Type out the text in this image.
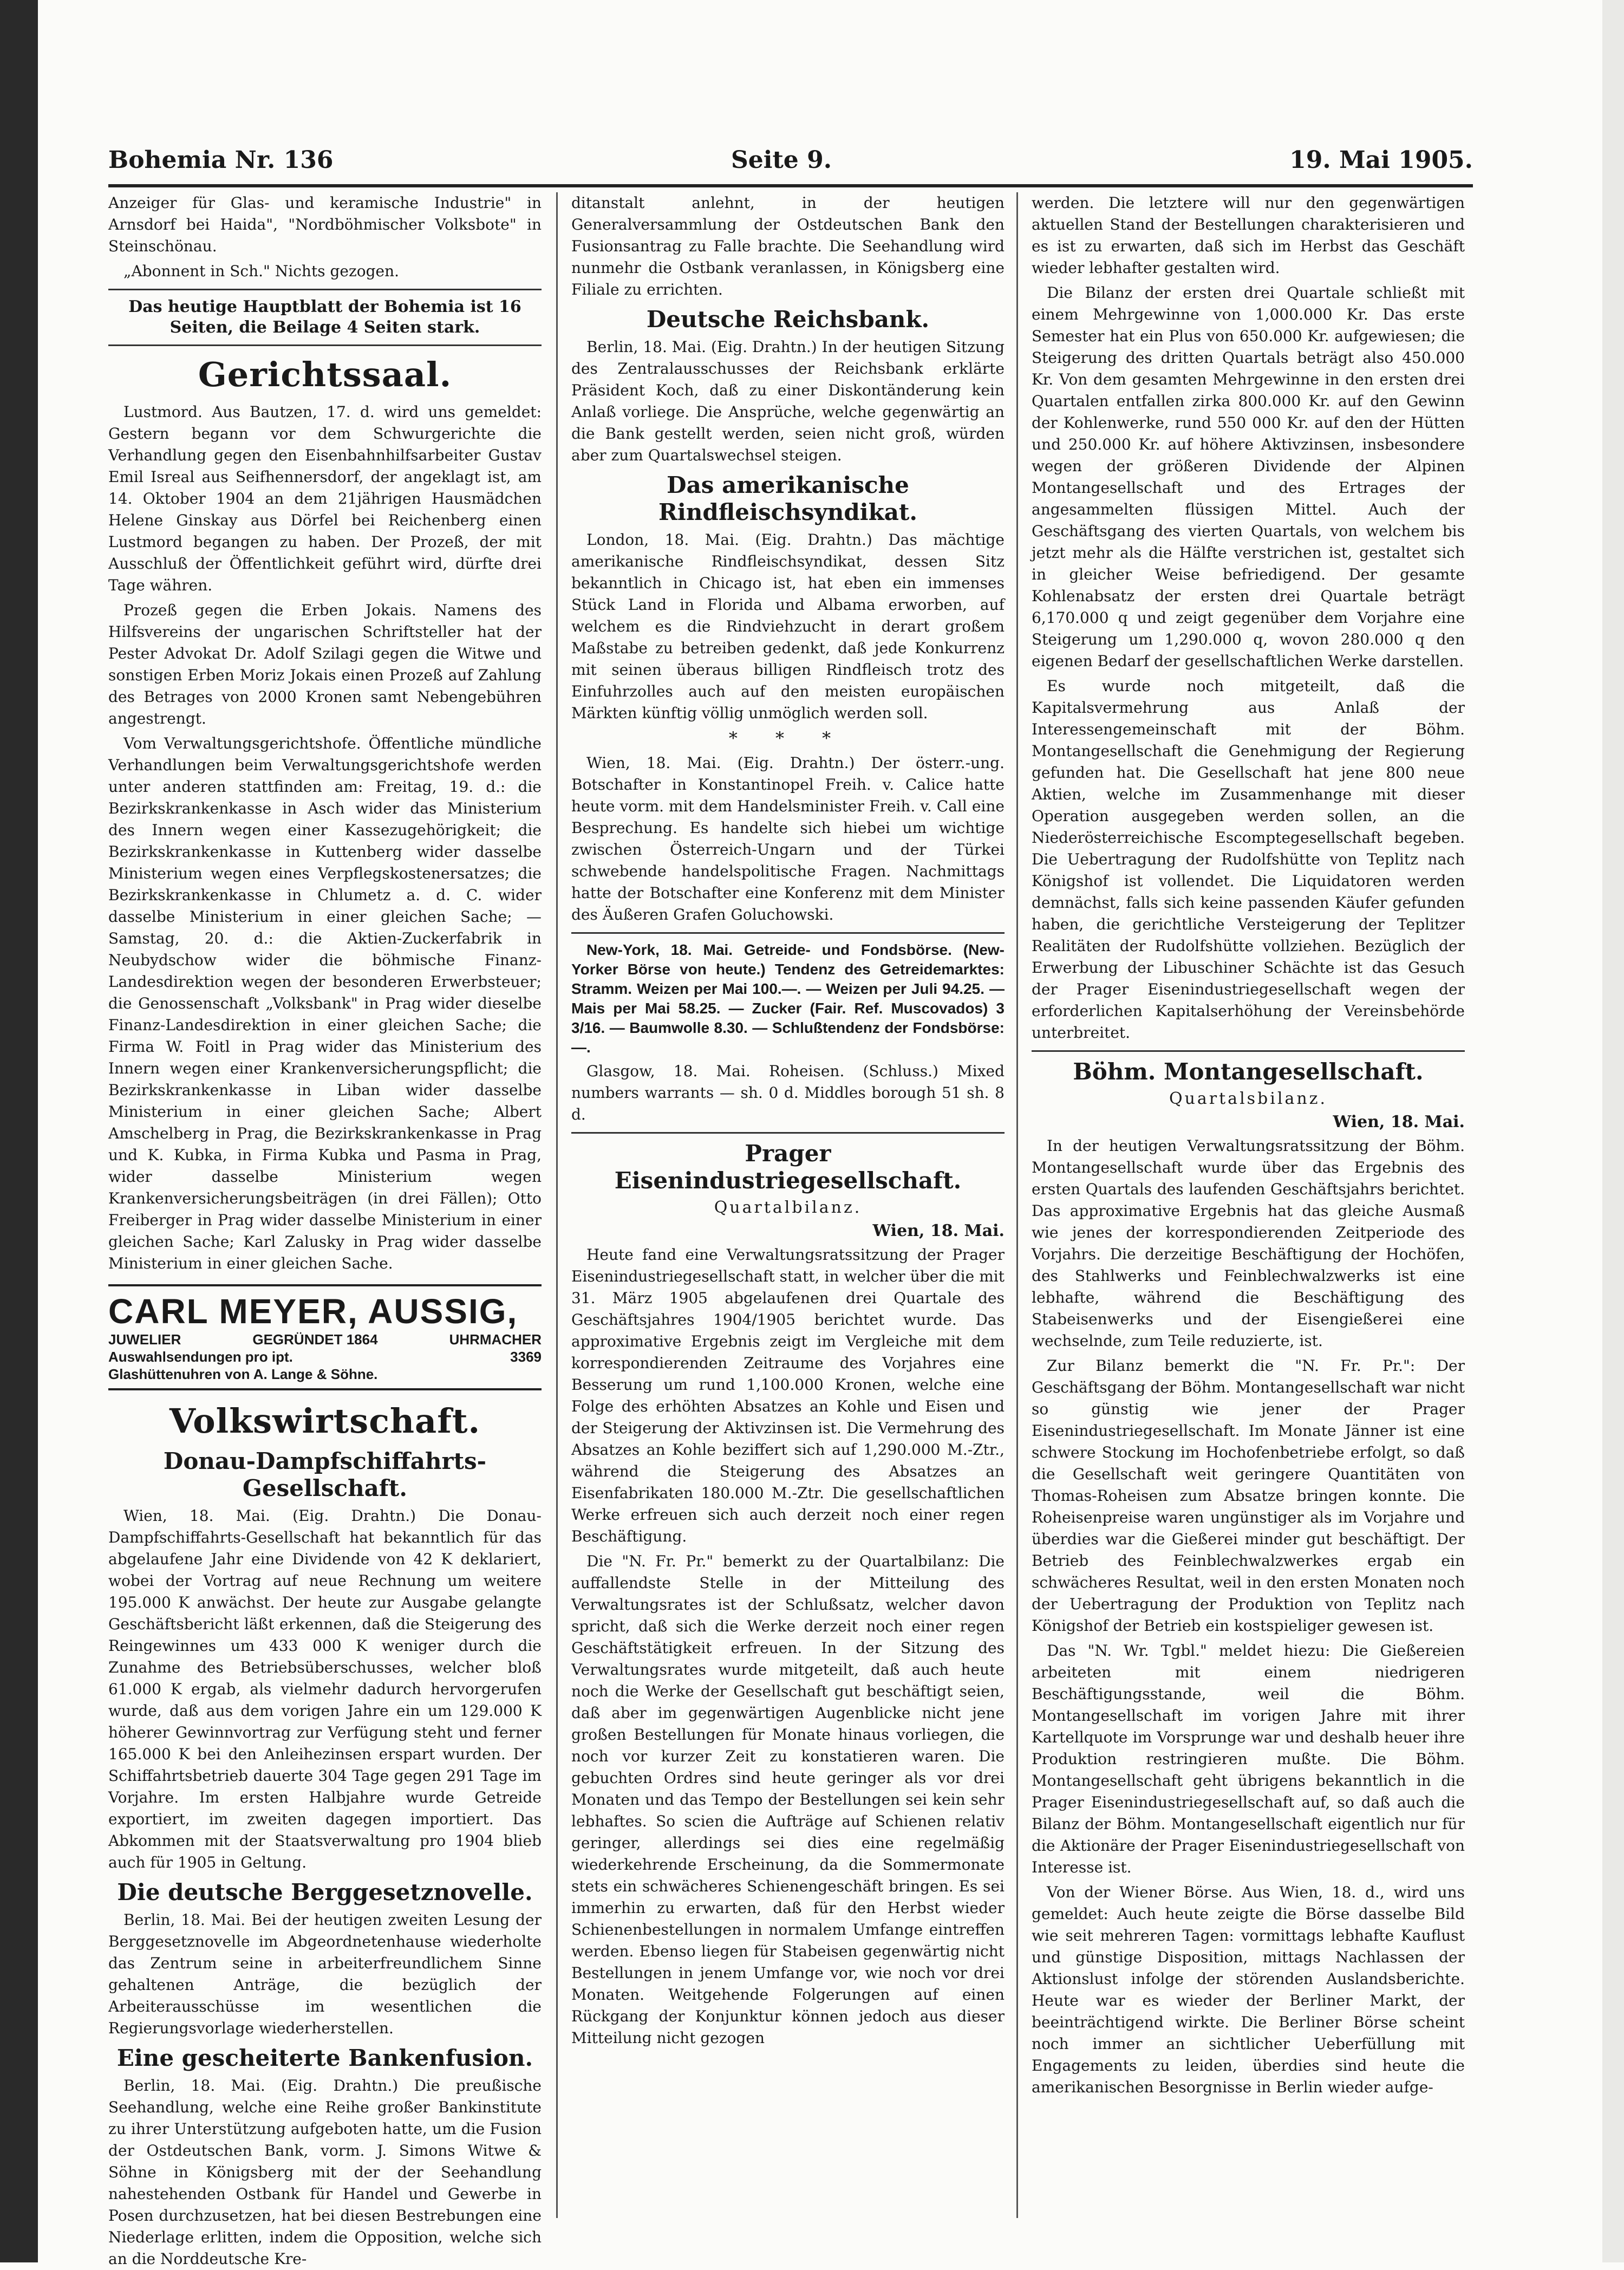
Bohemia Nr. 136	Seite 9.	19. Mai 1905.

Anzeiger für Glas- und keramische Industrie" in Arnsdorf bei Haida", "Nordböhmischer Volksbote" in Steinschönau.

„Abonnent in Sch." Nichts gezogen.

Das heutige Hauptblatt der Bohemia ist 16 Seiten, die Beilage 4 Seiten stark.
Gerichtssaal.

Lustmord. Aus Bautzen, 17. d. wird uns gemeldet: Gestern begann vor dem Schwurgerichte die Verhandlung gegen den Eisenbahnhilfsarbeiter Gustav Emil Isreal aus Seifhennersdorf, der angeklagt ist, am 14. Oktober 1904 an dem 21jährigen Hausmädchen Helene Ginskay aus Dörfel bei Reichenberg einen Lustmord begangen zu haben. Der Prozeß, der mit Ausschluß der Öffentlichkeit geführt wird, dürfte drei Tage währen.

Prozeß gegen die Erben Jokais. Namens des Hilfsvereins der ungarischen Schriftsteller hat der Pester Advokat Dr. Adolf Szilagi gegen die Witwe und sonstigen Erben Moriz Jokais einen Prozeß auf Zahlung des Betrages von 2000 Kronen samt Nebengebühren angestrengt.

Vom Verwaltungsgerichtshofe. Öffentliche mündliche Verhandlungen beim Verwaltungsgerichtshofe werden unter anderen stattfinden am: Freitag, 19. d.: die Bezirkskrankenkasse in Asch wider das Ministerium des Innern wegen einer Kassezugehörigkeit; die Bezirkskrankenkasse in Kuttenberg wider dasselbe Ministerium wegen eines Verpflegskostenersatzes; die Bezirkskrankenkasse in Chlumetz a. d. C. wider dasselbe Ministerium in einer gleichen Sache; — Samstag, 20. d.: die Aktien-Zuckerfabrik in Neubydschow wider die böhmische Finanz-Landesdirektion wegen der besonderen Erwerbsteuer; die Genossenschaft „Volksbank" in Prag wider dieselbe Finanz-Landesdirektion in einer gleichen Sache; die Firma W. Foitl in Prag wider das Ministerium des Innern wegen einer Krankenversicherungspflicht; die Bezirkskrankenkasse in Liban wider dasselbe Ministerium in einer gleichen Sache; Albert Amschelberg in Prag, die Bezirkskrankenkasse in Prag und K. Kubka, in Firma Kubka und Pasma in Prag, wider dasselbe Ministerium wegen Krankenversicherungsbeiträgen (in drei Fällen); Otto Freiberger in Prag wider dasselbe Ministerium in einer gleichen Sache; Karl Zalusky in Prag wider dasselbe Ministerium in einer gleichen Sache.

CARL MEYER, AUSSIG,
JUWELIER	GEGRÜNDET 1864	UHRMACHER
Auswahlsendungen pro ipt.	3369
Glashüttenuhren von A. Lange & Söhne.
Volkswirtschaft.
Donau-Dampfschiffahrts-Gesellschaft.

Wien, 18. Mai. (Eig. Drahtn.) Die Donau-Dampfschiffahrts-Gesellschaft hat bekanntlich für das abgelaufene Jahr eine Dividende von 42 K deklariert, wobei der Vortrag auf neue Rechnung um weitere 195.000 K anwächst. Der heute zur Ausgabe gelangte Geschäftsbericht läßt erkennen, daß die Steigerung des Reingewinnes um 433 000 K weniger durch die Zunahme des Betriebsüberschusses, welcher bloß 61.000 K ergab, als vielmehr dadurch hervorgerufen wurde, daß aus dem vorigen Jahre ein um 129.000 K höherer Gewinnvortrag zur Verfügung steht und ferner 165.000 K bei den Anleihezinsen erspart wurden. Der Schiffahrtsbetrieb dauerte 304 Tage gegen 291 Tage im Vorjahre. Im ersten Halbjahre wurde Getreide exportiert, im zweiten dagegen importiert. Das Abkommen mit der Staatsverwaltung pro 1904 blieb auch für 1905 in Geltung.

Die deutsche Berggesetznovelle.

Berlin, 18. Mai. Bei der heutigen zweiten Lesung der Berggesetznovelle im Abgeordnetenhause wiederholte das Zentrum seine in arbeiterfreundlichem Sinne gehaltenen Anträge, die bezüglich der Arbeiterausschüsse im wesentlichen die Regierungsvorlage wiederherstellen.

Eine gescheiterte Bankenfusion.

Berlin, 18. Mai. (Eig. Drahtn.) Die preußische Seehandlung, welche eine Reihe großer Bankinstitute zu ihrer Unterstützung aufgeboten hatte, um die Fusion der Ostdeutschen Bank, vorm. J. Simons Witwe & Söhne in Königsberg mit der der Seehandlung nahestehenden Ostbank für Handel und Gewerbe in Posen durchzusetzen, hat bei diesen Bestrebungen eine Niederlage erlitten, indem die Opposition, welche sich an die Norddeutsche Kre-

ditanstalt anlehnt, in der heutigen Generalversammlung der Ostdeutschen Bank den Fusionsantrag zu Falle brachte. Die Seehandlung wird nunmehr die Ostbank veranlassen, in Königsberg eine Filiale zu errichten.

Deutsche Reichsbank.

Berlin, 18. Mai. (Eig. Drahtn.) In der heutigen Sitzung des Zentralausschusses der Reichsbank erklärte Präsident Koch, daß zu einer Diskontänderung kein Anlaß vorliege. Die Ansprüche, welche gegenwärtig an die Bank gestellt werden, seien nicht groß, würden aber zum Quartalswechsel steigen.

Das amerikanische Rindfleischsyndikat.

London, 18. Mai. (Eig. Drahtn.) Das mächtige amerikanische Rindfleischsyndikat, dessen Sitz bekanntlich in Chicago ist, hat eben ein immenses Stück Land in Florida und Albama erworben, auf welchem es die Rindviehzucht in derart großem Maßstabe zu betreiben gedenkt, daß jede Konkurrenz mit seinen überaus billigen Rindfleisch trotz des Einfuhrzolles auch auf den meisten europäischen Märkten künftig völlig unmöglich werden soll.

* * *

Wien, 18. Mai. (Eig. Drahtn.) Der österr.-ung. Botschafter in Konstantinopel Freih. v. Calice hatte heute vorm. mit dem Handelsminister Freih. v. Call eine Besprechung. Es handelte sich hiebei um wichtige zwischen Österreich-Ungarn und der Türkei schwebende handelspolitische Fragen. Nachmittags hatte der Botschafter eine Konferenz mit dem Minister des Äußeren Grafen Goluchowski.

New-York, 18. Mai. Getreide- und Fondsbörse. (New-Yorker Börse von heute.) Tendenz des Getreidemarktes: Stramm. Weizen per Mai 100.—. — Weizen per Juli 94.25. — Mais per Mai 58.25. — Zucker (Fair. Ref. Muscovados) 3 3/16. — Baumwolle 8.30. — Schlußtendenz der Fondsbörse: —.

Glasgow, 18. Mai. Roheisen. (Schluss.) Mixed numbers warrants — sh. 0 d. Middles borough 51 sh. 8 d.

Prager Eisenindustriegesellschaft.
Quartalbilanz.
Wien, 18. Mai.

Heute fand eine Verwaltungsratssitzung der Prager Eisenindustriegesellschaft statt, in welcher über die mit 31. März 1905 abgelaufenen drei Quartale des Geschäftsjahres 1904/1905 berichtet wurde. Das approximative Ergebnis zeigt im Vergleiche mit dem korrespondierenden Zeitraume des Vorjahres eine Besserung um rund 1,100.000 Kronen, welche eine Folge des erhöhten Absatzes an Kohle und Eisen und der Steigerung der Aktivzinsen ist. Die Vermehrung des Absatzes an Kohle beziffert sich auf 1,290.000 M.-Ztr., während die Steigerung des Absatzes an Eisenfabrikaten 180.000 M.-Ztr. Die gesellschaftlichen Werke erfreuen sich auch derzeit noch einer regen Beschäftigung.

Die "N. Fr. Pr." bemerkt zu der Quartalbilanz: Die auffallendste Stelle in der Mitteilung des Verwaltungsrates ist der Schlußsatz, welcher davon spricht, daß sich die Werke derzeit noch einer regen Geschäftstätigkeit erfreuen. In der Sitzung des Verwaltungsrates wurde mitgeteilt, daß auch heute noch die Werke der Gesellschaft gut beschäftigt seien, daß aber im gegenwärtigen Augenblicke nicht jene großen Bestellungen für Monate hinaus vorliegen, die noch vor kurzer Zeit zu konstatieren waren. Die gebuchten Ordres sind heute geringer als vor drei Monaten und das Tempo der Bestellungen sei kein sehr lebhaftes. So scien die Aufträge auf Schienen relativ geringer, allerdings sei dies eine regelmäßig wiederkehrende Erscheinung, da die Sommermonate stets ein schwächeres Schienengeschäft bringen. Es sei immerhin zu erwarten, daß für den Herbst wieder Schienenbestellungen in normalem Umfange eintreffen werden. Ebenso liegen für Stabeisen gegenwärtig nicht Bestellungen in jenem Umfange vor, wie noch vor drei Monaten. Weitgehende Folgerungen auf einen Rückgang der Konjunktur können jedoch aus dieser Mitteilung nicht gezogen

werden. Die letztere will nur den gegenwärtigen aktuellen Stand der Bestellungen charakterisieren und es ist zu erwarten, daß sich im Herbst das Geschäft wieder lebhafter gestalten wird.

Die Bilanz der ersten drei Quartale schließt mit einem Mehrgewinne von 1,000.000 Kr. Das erste Semester hat ein Plus von 650.000 Kr. aufgewiesen; die Steigerung des dritten Quartals beträgt also 450.000 Kr. Von dem gesamten Mehrgewinne in den ersten drei Quartalen entfallen zirka 800.000 Kr. auf den Gewinn der Kohlenwerke, rund 550 000 Kr. auf den der Hütten und 250.000 Kr. auf höhere Aktivzinsen, insbesondere wegen der größeren Dividende der Alpinen Montangesellschaft und des Ertrages der angesammelten flüssigen Mittel. Auch der Geschäftsgang des vierten Quartals, von welchem bis jetzt mehr als die Hälfte verstrichen ist, gestaltet sich in gleicher Weise befriedigend. Der gesamte Kohlenabsatz der ersten drei Quartale beträgt 6,170.000 q und zeigt gegenüber dem Vorjahre eine Steigerung um 1,290.000 q, wovon 280.000 q den eigenen Bedarf der gesellschaftlichen Werke darstellen.

Es wurde noch mitgeteilt, daß die Kapitalsvermehrung aus Anlaß der Interessengemeinschaft mit der Böhm. Montangesellschaft die Genehmigung der Regierung gefunden hat. Die Gesellschaft hat jene 800 neue Aktien, welche im Zusammenhange mit dieser Operation ausgegeben werden sollen, an die Niederösterreichische Escomptegesellschaft begeben. Die Uebertragung der Rudolfshütte von Teplitz nach Königshof ist vollendet. Die Liquidatoren werden demnächst, falls sich keine passenden Käufer gefunden haben, die gerichtliche Versteigerung der Teplitzer Realitäten der Rudolfshütte vollziehen. Bezüglich der Erwerbung der Libuschiner Schächte ist das Gesuch der Prager Eisenindustriegesellschaft wegen der erforderlichen Kapitalserhöhung der Vereinsbehörde unterbreitet.

Böhm. Montangesellschaft.
Quartalsbilanz.
Wien, 18. Mai.

In der heutigen Verwaltungsratssitzung der Böhm. Montangesellschaft wurde über das Ergebnis des ersten Quartals des laufenden Geschäftsjahrs berichtet. Das approximative Ergebnis hat das gleiche Ausmaß wie jenes der korrespondierenden Zeitperiode des Vorjahrs. Die derzeitige Beschäftigung der Hochöfen, des Stahlwerks und Feinblechwalzwerks ist eine lebhafte, während die Beschäftigung des Stabeisenwerks und der Eisengießerei eine wechselnde, zum Teile reduzierte, ist.

Zur Bilanz bemerkt die "N. Fr. Pr.": Der Geschäftsgang der Böhm. Montangesellschaft war nicht so günstig wie jener der Prager Eisenindustriegesellschaft. Im Monate Jänner ist eine schwere Stockung im Hochofenbetriebe erfolgt, so daß die Gesellschaft weit geringere Quantitäten von Thomas-Roheisen zum Absatze bringen konnte. Die Roheisenpreise waren ungünstiger als im Vorjahre und überdies war die Gießerei minder gut beschäftigt. Der Betrieb des Feinblechwalzwerkes ergab ein schwächeres Resultat, weil in den ersten Monaten noch der Uebertragung der Produktion von Teplitz nach Königshof der Betrieb ein kostspieliger gewesen ist.

Das "N. Wr. Tgbl." meldet hiezu: Die Gießereien arbeiteten mit einem niedrigeren Beschäftigungsstande, weil die Böhm. Montangesellschaft im vorigen Jahre mit ihrer Kartellquote im Vorsprunge war und deshalb heuer ihre Produktion restringieren mußte. Die Böhm. Montangesellschaft geht übrigens bekanntlich in die Prager Eisenindustriegesellschaft auf, so daß auch die Bilanz der Böhm. Montangesellschaft eigentlich nur für die Aktionäre der Prager Eisenindustriegesellschaft von Interesse ist.

Von der Wiener Börse. Aus Wien, 18. d., wird uns gemeldet: Auch heute zeigte die Börse dasselbe Bild wie seit mehreren Tagen: vormittags lebhafte Kauflust und günstige Disposition, mittags Nachlassen der Aktionslust infolge der störenden Auslandsberichte. Heute war es wieder der Berliner Markt, der beeinträchtigend wirkte. Die Berliner Börse scheint noch immer an sichtlicher Ueberfüllung mit Engagements zu leiden, überdies sind heute die amerikanischen Besorgnisse in Berlin wieder aufge-
